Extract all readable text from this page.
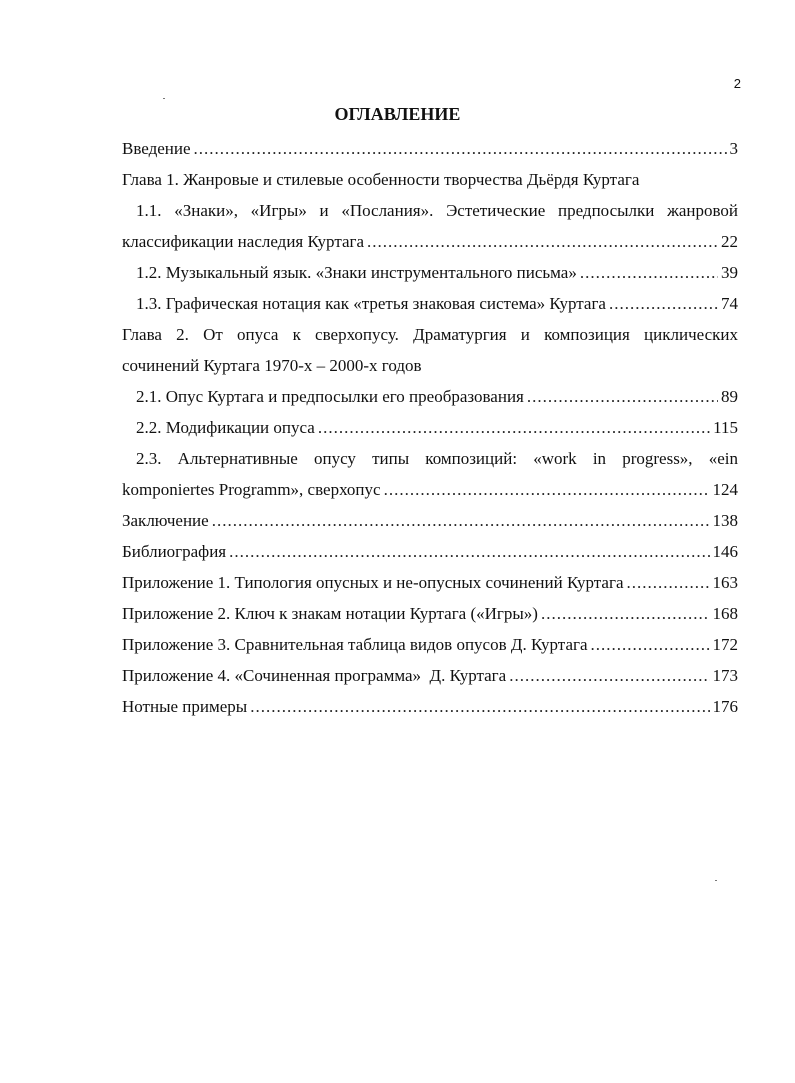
2
ОГЛАВЛЕНИЕ
Введение .....	3
Глава 1. Жанровые и стилевые особенности творчества Дьёрдя Куртага
1.1. «Знаки», «Игры» и «Послания». Эстетические предпосылки жанровой
классификации наследия Куртага .....	22
1.2. Музыкальный язык. «Знаки инструментального письма» .....	39
1.3. Графическая нотация как «третья знаковая система» Куртага .....	74
Глава 2. От опуса к сверхопусу. Драматургия и композиция циклических
сочинений Куртага 1970-х – 2000-х годов
2.1. Опус Куртага и предпосылки его преобразования .....	89
2.2. Модификации опуса .....	115
2.3. Альтернативные опусу типы композиций: «work in progress», «ein
komponiertes Programm», сверхопус .....	124
Заключение .....	138
Библиография .....	146
Приложение 1. Типология опусных и не-опусных сочинений Куртага .....	163
Приложение 2. Ключ к знакам нотации Куртага («Игры») .....	168
Приложение 3. Сравнительная таблица видов опусов Д. Куртага .....	172
Приложение 4. «Сочиненная программа»  Д. Куртага .....	173
Нотные примеры .....	176
